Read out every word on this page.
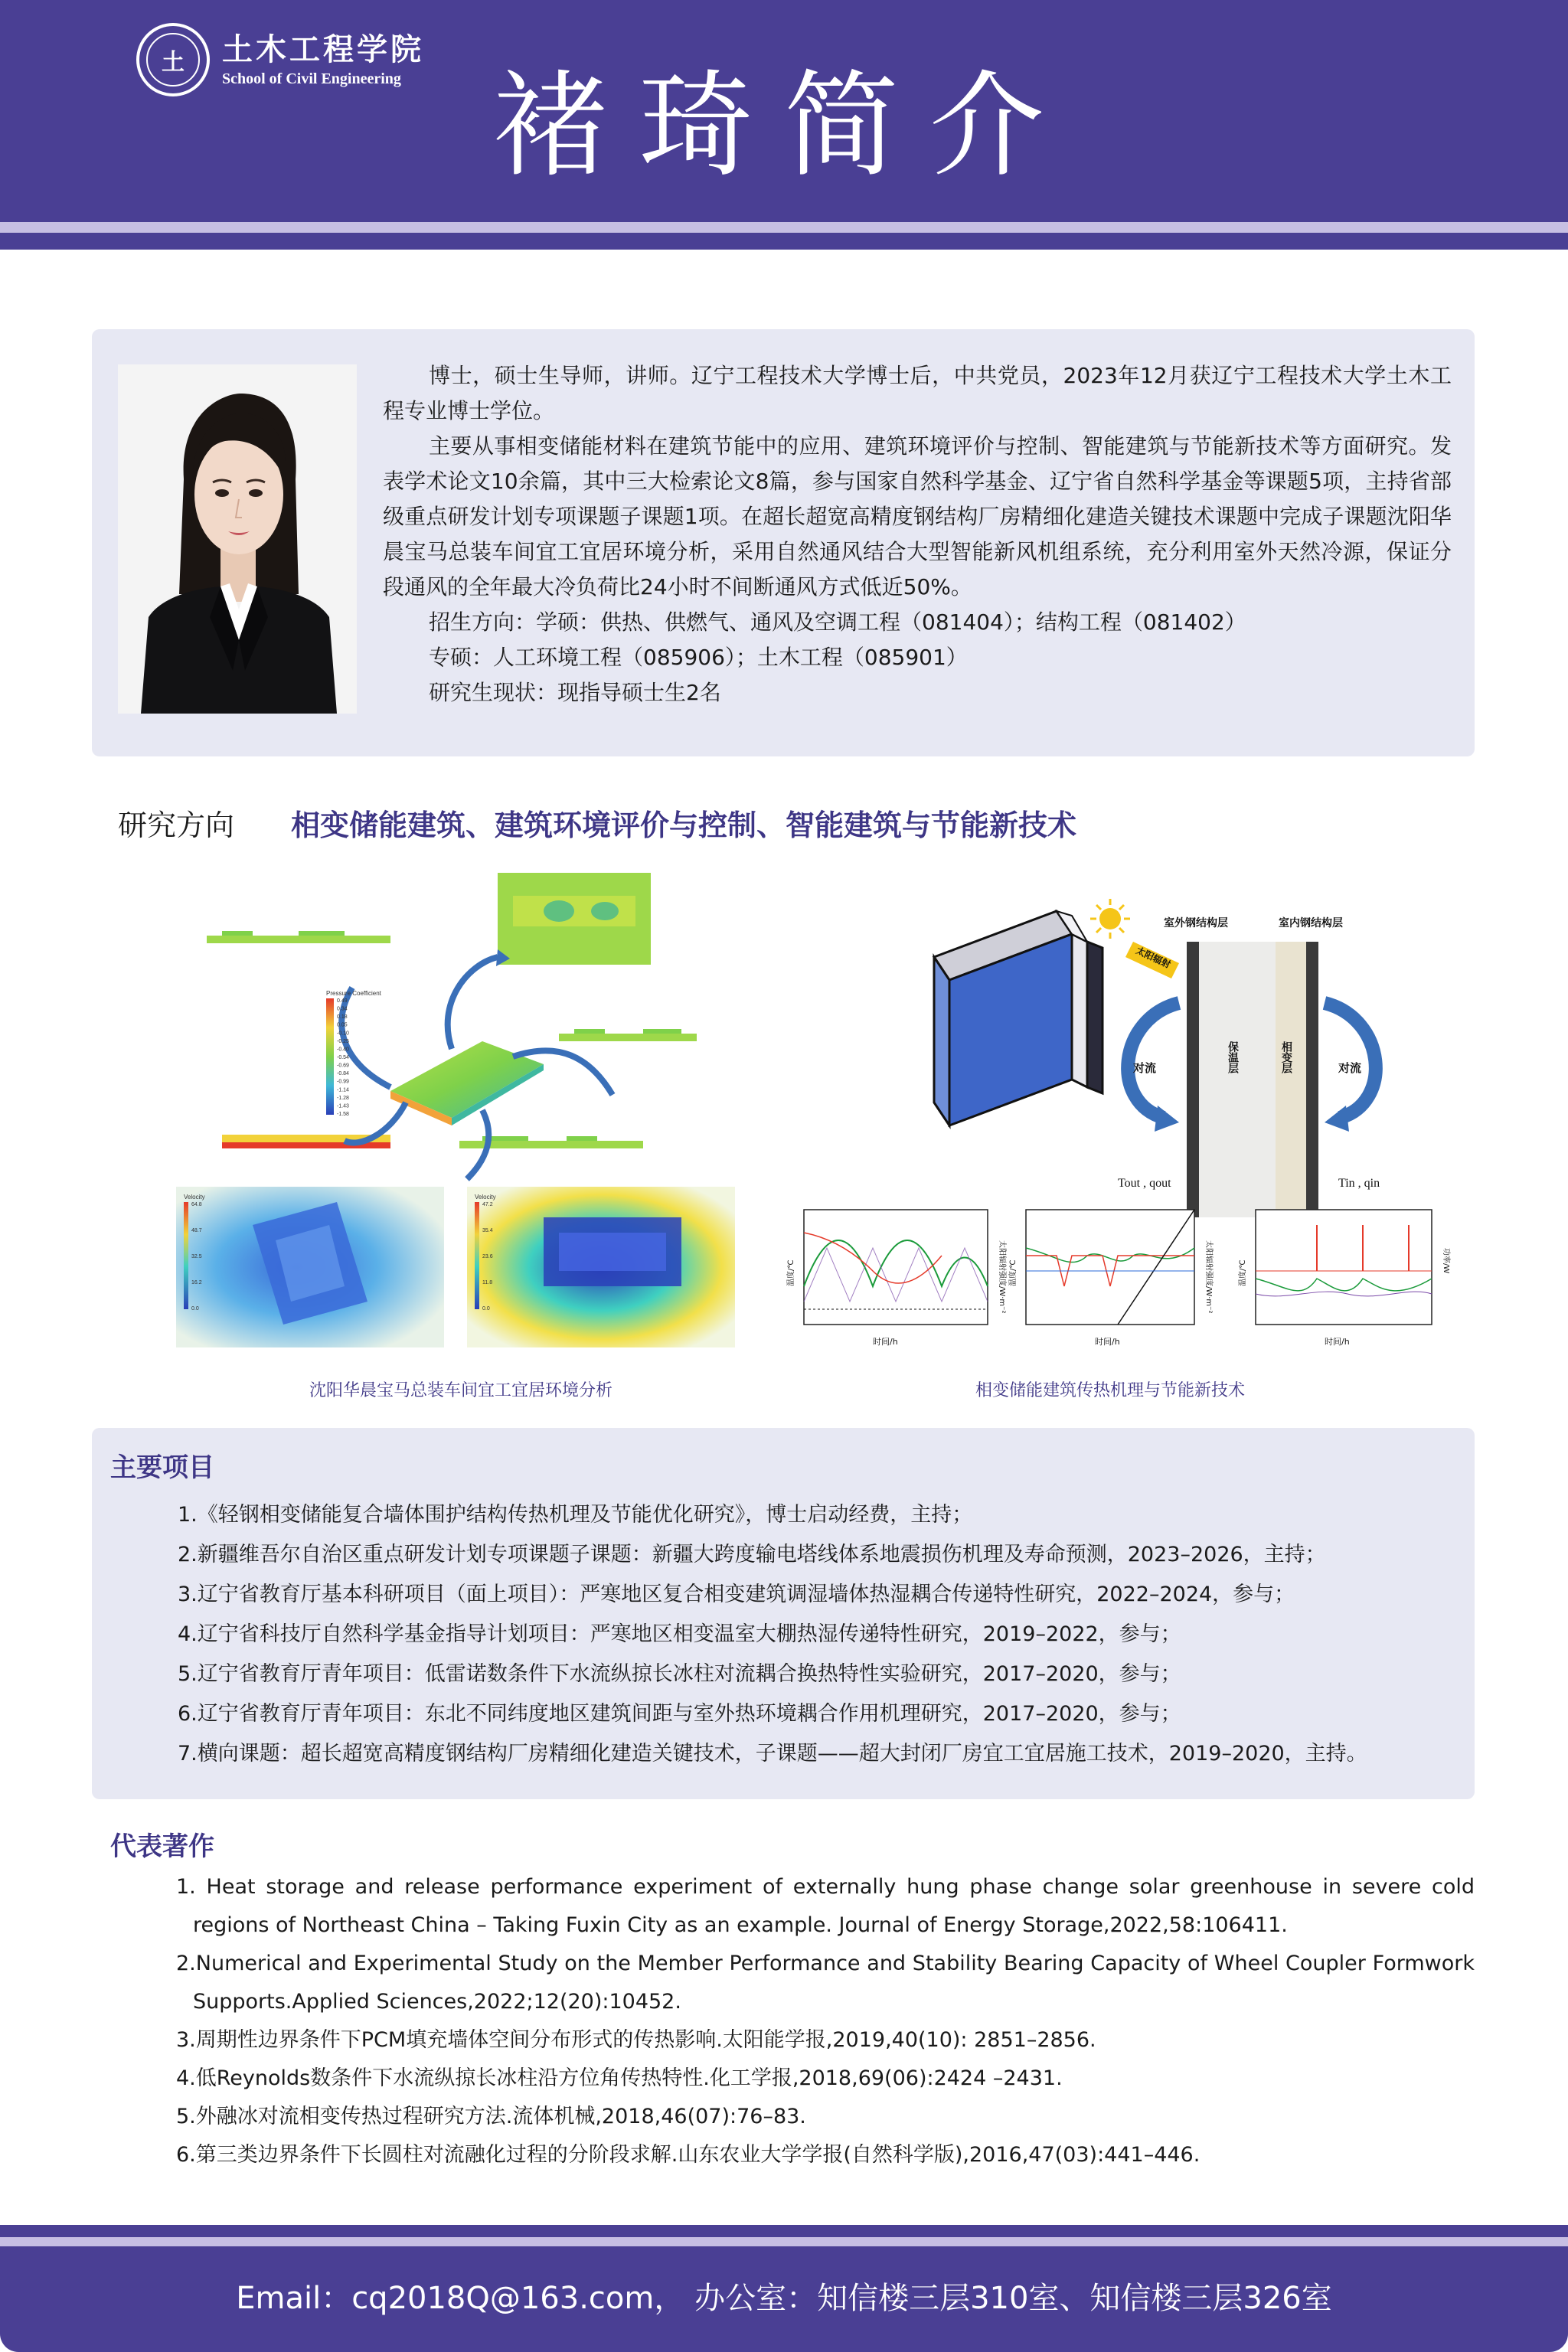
土	土木工程学院
School of Civil Engineering 褚琦简介

博士，硕士生导师，讲师。辽宁工程技术大学博士后，中共党员，2023年12月获辽宁工程技术大学土木工程专业博士学位。

主要从事相变储能材料在建筑节能中的应用、建筑环境评价与控制、智能建筑与节能新技术等方面研究。发表学术论文10余篇，其中三大检索论文8篇，参与国家自然科学基金、辽宁省自然科学基金等课题5项，主持省部级重点研发计划专项课题子课题1项。在超长超宽高精度钢结构厂房精细化建造关键技术课题中完成子课题沈阳华晨宝马总装车间宜工宜居环境分析，采用自然通风结合大型智能新风机组系统，充分利用室外天然冷源，保证分段通风的全年最大冷负荷比24小时不间断通风方式低近50%。

招生方向：学硕：供热、供燃气、通风及空调工程（081404）；结构工程（081402）

专硕：人工环境工程（085906）；土木工程（085901）

研究生现状：现指导硕士生2名

研究方向 相变储能建筑、建筑环境评价与控制、智能建筑与节能新技术
Pressure Coefficient
0.49
0.34
0.18
0.05
-0.10
-0.25
-0.40
-0.54
-0.69
-0.84
-0.99
-1.14
-1.28
-1.43
-1.58
Velocity
64.8
48.7
32.5
16.2
0.0
Velocity
47.2
35.4
23.6
11.8
0.0
室外钢结构层	室内钢结构层
太阳辐射
对流	对流
保温层	相变层
Tout , qout	Tin , qin
时间/h
温度/℃	太阳辐射强度/W·m⁻²
时间/h
温度/℃	太阳辐射强度/W·m⁻²
时间/h
温度/℃	功率/W
沈阳华晨宝马总装车间宜工宜居环境分析	相变储能建筑传热机理与节能新技术
主要项目
1.《轻钢相变储能复合墙体围护结构传热机理及节能优化研究》，博士启动经费，主持；
2.新疆维吾尔自治区重点研发计划专项课题子课题：新疆大跨度输电塔线体系地震损伤机理及寿命预测，2023–2026，主持；
3.辽宁省教育厅基本科研项目（面上项目）：严寒地区复合相变建筑调湿墙体热湿耦合传递特性研究，2022–2024，参与；
4.辽宁省科技厅自然科学基金指导计划项目：严寒地区相变温室大棚热湿传递特性研究，2019–2022，参与；
5.辽宁省教育厅青年项目：低雷诺数条件下水流纵掠长冰柱对流耦合换热特性实验研究，2017–2020，参与；
6.辽宁省教育厅青年项目：东北不同纬度地区建筑间距与室外热环境耦合作用机理研究，2017–2020，参与；
7.横向课题：超长超宽高精度钢结构厂房精细化建造关键技术，子课题——超大封闭厂房宜工宜居施工技术，2019–2020，主持。
代表著作
1. Heat storage and release performance experiment of externally hung phase change solar greenhouse in severe cold regions of Northeast China – Taking Fuxin City as an example. Journal of Energy Storage,2022,58:106411.
2.Numerical and Experimental Study on the Member Performance and Stability Bearing Capacity of Wheel Coupler Formwork Supports.Applied Sciences,2022;12(20):10452.
3.周期性边界条件下PCM填充墙体空间分布形式的传热影响.太阳能学报,2019,40(10): 2851–2856.
4.低Reynolds数条件下水流纵掠长冰柱沿方位角传热特性.化工学报,2018,69(06):2424 –2431.
5.外融冰对流相变传热过程研究方法.流体机械,2018,46(07):76–83.
6.第三类边界条件下长圆柱对流融化过程的分阶段求解.山东农业大学学报(自然科学版),2016,47(03):441–446.
Email：cq2018Q@163.com， 办公室：知信楼三层310室、知信楼三层326室
